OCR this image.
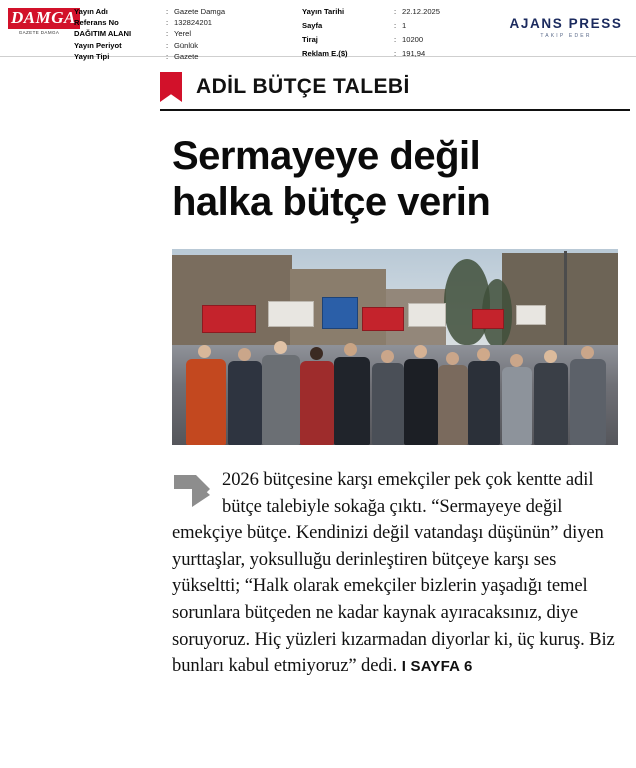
DAMGA
GAZETE DAMGA
Yayın Adı	:	Gazete Damga
Referans No	:	132824201
DAĞITIM ALANI	:	Yerel
Yayın Periyot	:	Günlük
Yayın Tipi	:	Gazete
Yayın Tarihi	:	22.12.2025
Sayfa	:	1
Tiraj	:	10200
Reklam E.($)	:	191,94
AJANS PRESS
TAKIP EDER
ADİL BÜTÇE TALEBİ
Sermayeye değil
halka bütçe verin
2026 bütçesine karşı emekçiler pek çok kentte adil bütçe talebiyle sokağa çıktı. “Sermayeye değil emekçiye bütçe. Kendinizi değil vatandaşı düşünün” diyen yurttaşlar, yoksulluğu derinleştiren bütçeye karşı ses yükseltti; “Halk olarak emekçiler bizlerin yaşadığı temel sorunlara bütçeden ne kadar kaynak ayıracaksınız, diye soruyoruz. Hiç yüzleri kızarmadan diyorlar ki, üç kuruş. Biz bunları kabul etmiyoruz” dedi. I SAYFA 6
